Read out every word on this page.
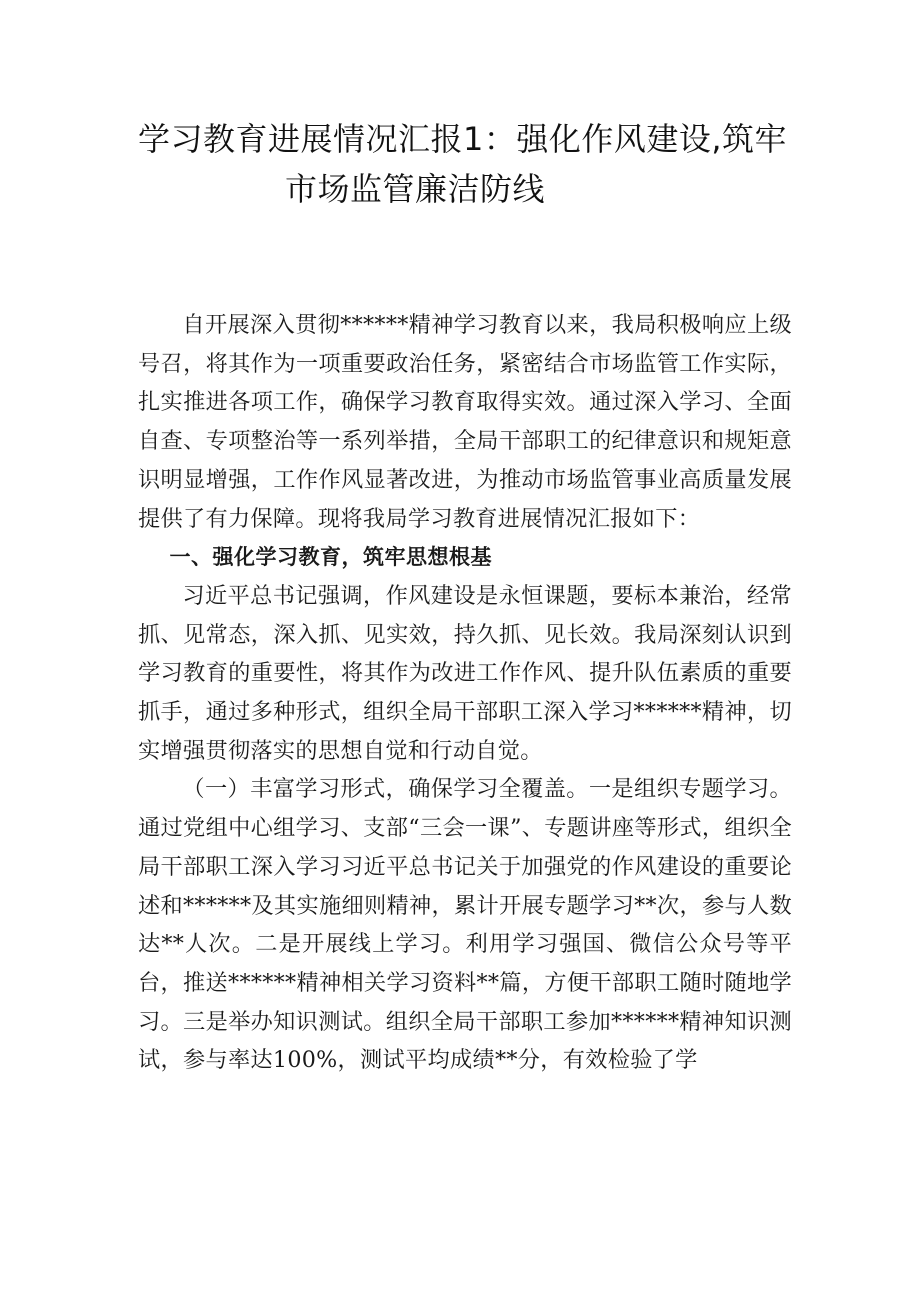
学习教育进展情况汇报1：强化作风建设,筑牢
市场监管廉洁防线

自开展深入贯彻******精神学习教育以来，我局积极响应上级号召，将其作为一项重要政治任务，紧密结合市场监管工作实际，扎实推进各项工作，确保学习教育取得实效。通过深入学习、全面自查、专项整治等一系列举措，全局干部职工的纪律意识和规矩意识明显增强，工作作风显著改进，为推动市场监管事业高质量发展提供了有力保障。现将我局学习教育进展情况汇报如下：

一、强化学习教育，筑牢思想根基

习近平总书记强调，作风建设是永恒课题，要标本兼治，经常抓、见常态，深入抓、见实效，持久抓、见长效。我局深刻认识到学习教育的重要性，将其作为改进工作作风、提升队伍素质的重要抓手，通过多种形式，组织全局干部职工深入学习******精神，切实增强贯彻落实的思想自觉和行动自觉。

（一）丰富学习形式，确保学习全覆盖。一是组织专题学习。通过党组中心组学习、支部“三会一课”、专题讲座等形式，组织全局干部职工深入学习习近平总书记关于加强党的作风建设的重要论述和******及其实施细则精神，累计开展专题学习**次，参与人数达**人次。二是开展线上学习。利用学习强国、微信公众号等平台，推送******精神相关学习资料**篇，方便干部职工随时随地学习。三是举办知识测试。组织全局干部职工参加******精神知识测试，参与率达100%，测试平均成绩**分，有效检验了学
